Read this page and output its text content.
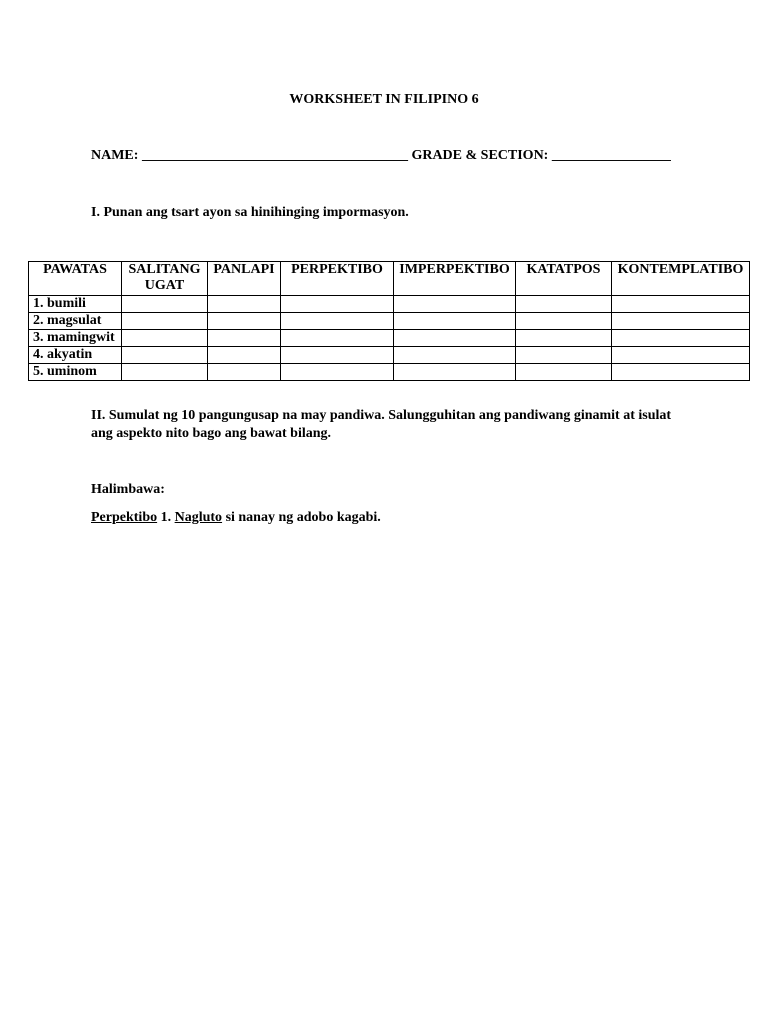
WORKSHEET IN FILIPINO 6
NAME: ______________________________________ GRADE & SECTION: _________________
I. Punan ang tsart ayon sa hinihinging impormasyon.
PAWATAS	SALITANG UGAT	PANLAPI	PERPEKTIBO	IMPERPEKTIBO	KATATPOS	KONTEMPLATIBO
1. bumili						
2. magsulat						
3. mamingwit						
4. akyatin						
5. uminom						
II. Sumulat ng 10 pangungusap na may pandiwa. Salungguhitan ang pandiwang ginamit at isulat ang aspekto nito bago ang bawat bilang.
Halimbawa:
Perpektibo 1. Nagluto si nanay ng adobo kagabi.
